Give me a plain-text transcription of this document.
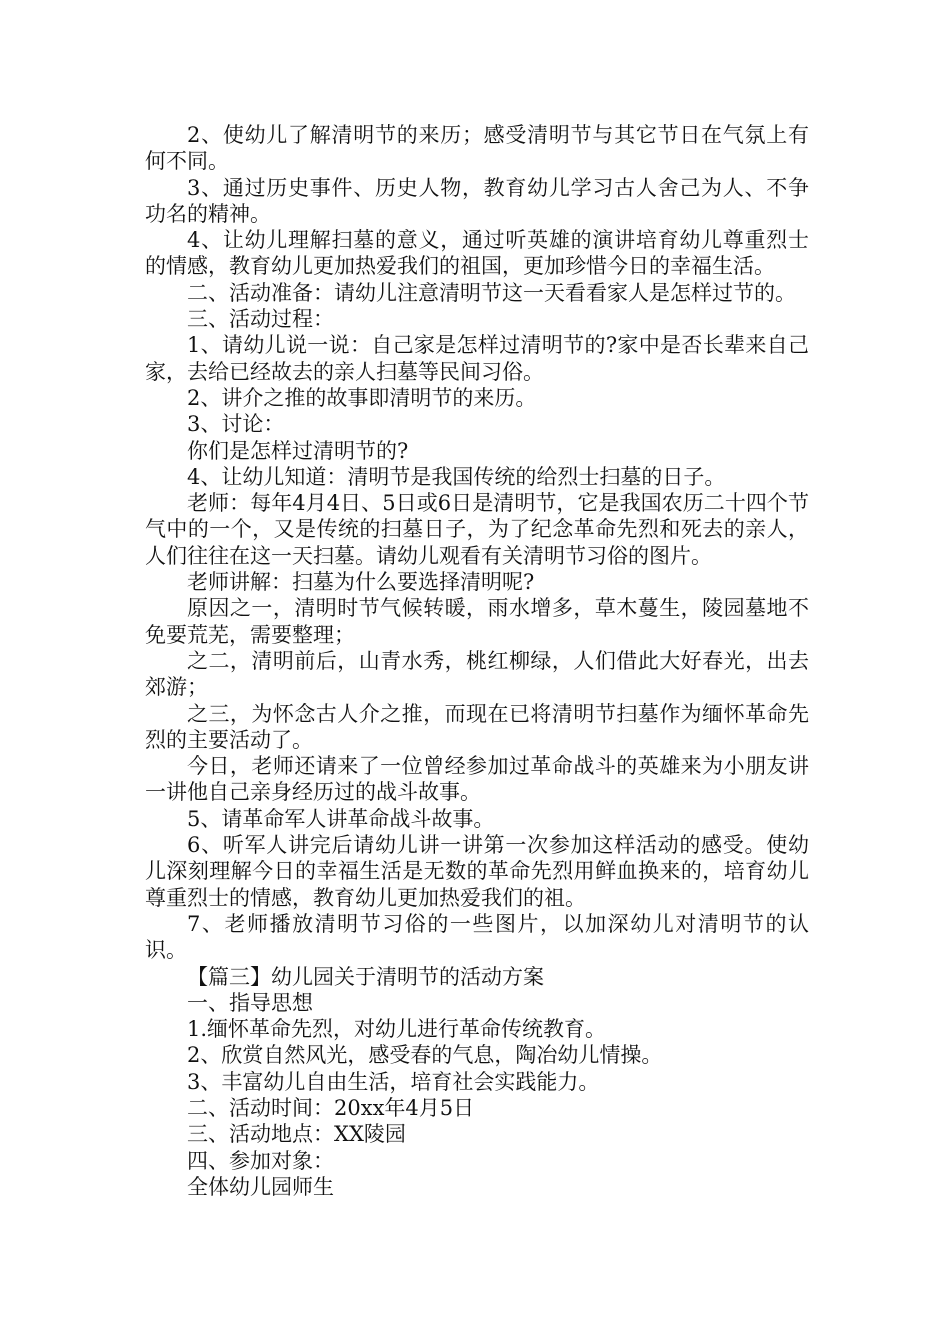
2、使幼儿了解清明节的来历；感受清明节与其它节日在气氛上有何不同。

3、通过历史事件、历史人物，教育幼儿学习古人舍己为人、不争功名的精神。

4、让幼儿理解扫墓的意义，通过听英雄的演讲培育幼儿尊重烈士的情感，教育幼儿更加热爱我们的祖国，更加珍惜今日的幸福生活。

二、活动准备：请幼儿注意清明节这一天看看家人是怎样过节的。

三、活动过程：

1、请幼儿说一说：自己家是怎样过清明节的?家中是否长辈来自己家，去给已经故去的亲人扫墓等民间习俗。

2、讲介之推的故事即清明节的来历。

3、讨论：

你们是怎样过清明节的?

4、让幼儿知道：清明节是我国传统的给烈士扫墓的日子。

老师：每年4月4日、5日或6日是清明节，它是我国农历二十四个节气中的一个，又是传统的扫墓日子，为了纪念革命先烈和死去的亲人，人们往往在这一天扫墓。请幼儿观看有关清明节习俗的图片。

老师讲解：扫墓为什么要选择清明呢?

原因之一，清明时节气候转暖，雨水增多，草木蔓生，陵园墓地不免要荒芜，需要整理；

之二，清明前后，山青水秀，桃红柳绿，人们借此大好春光，出去郊游；

之三，为怀念古人介之推，而现在已将清明节扫墓作为缅怀革命先烈的主要活动了。

今日，老师还请来了一位曾经参加过革命战斗的英雄来为小朋友讲一讲他自己亲身经历过的战斗故事。

5、请革命军人讲革命战斗故事。

6、听军人讲完后请幼儿讲一讲第一次参加这样活动的感受。使幼儿深刻理解今日的幸福生活是无数的革命先烈用鲜血换来的，培育幼儿尊重烈士的情感，教育幼儿更加热爱我们的祖。

7、老师播放清明节习俗的一些图片，以加深幼儿对清明节的认识。

【篇三】幼儿园关于清明节的活动方案

一、指导思想

1.缅怀革命先烈，对幼儿进行革命传统教育。

2、欣赏自然风光，感受春的气息，陶冶幼儿情操。

3、丰富幼儿自由生活，培育社会实践能力。

二、活动时间：20xx年4月5日

三、活动地点：XX陵园

四、参加对象：

全体幼儿园师生
